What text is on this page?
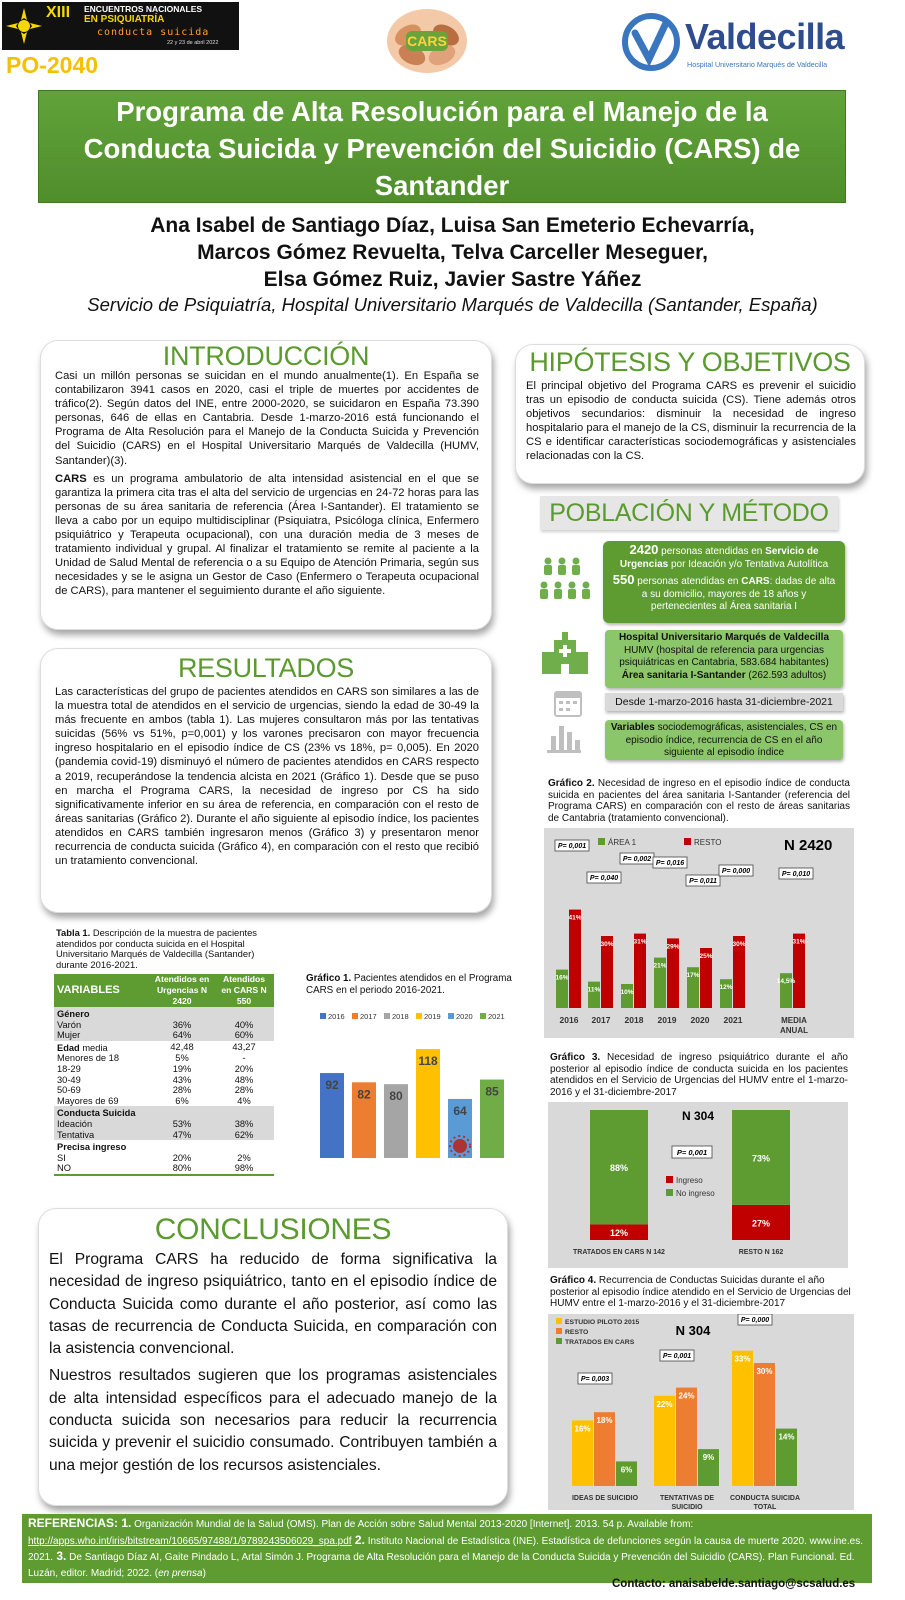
XIII ENCUENTROS NACIONALES
EN PSIQUIATRÍA
conducta suicida
22 y 23 de abril 2022
PO-2040
CARS	Valdecilla
Hospital Universitario Marqués de Valdecilla
Programa de Alta Resolución para el Manejo de la
Conducta Suicida y Prevención del Suicidio (CARS) de
Santander
Ana Isabel de Santiago Díaz, Luisa San Emeterio Echevarría,
Marcos Gómez Revuelta, Telva Carceller Meseguer,
Elsa Gómez Ruiz, Javier Sastre Yáñez
Servicio de Psiquiatría, Hospital Universitario Marqués de Valdecilla (Santander, España)
INTRODUCCIÓN

Casi un millón personas se suicidan en el mundo anualmente(1). En España se contabilizaron 3941 casos en 2020, casi el triple de muertes por accidentes de tráfico(2). Según datos del INE, entre 2000-2020, se suicidaron en España 73.390 personas, 646 de ellas en Cantabria. Desde 1-marzo-2016 está funcionando el Programa de Alta Resolución para el Manejo de la Conducta Suicida y Prevención del Suicidio (CARS) en el Hospital Universitario Marqués de Valdecilla (HUMV, Santander)(3).

CARS es un programa ambulatorio de alta intensidad asistencial en el que se garantiza la primera cita tras el alta del servicio de urgencias en 24-72 horas para las personas de su área sanitaria de referencia (Área I-Santander). El tratamiento se lleva a cabo por un equipo multidisciplinar (Psiquiatra, Psicóloga clínica, Enfermero psiquiátrico y Terapeuta ocupacional), con una duración media de 3 meses de tratamiento individual y grupal. Al finalizar el tratamiento se remite al paciente a la Unidad de Salud Mental de referencia o a su Equipo de Atención Primaria, según sus necesidades y se le asigna un Gestor de Caso (Enfermero o Terapeuta ocupacional de CARS), para mantener el seguimiento durante el año siguiente.

HIPÓTESIS Y OBJETIVOS
El principal objetivo del Programa CARS es prevenir el suicidio tras un episodio de conducta suicida (CS). Tiene además otros objetivos secundarios: disminuir la necesidad de ingreso hospitalario para el manejo de la CS, disminuir la recurrencia de la CS e identificar características sociodemográficas y asistenciales relacionadas con la CS.
POBLACIÓN Y MÉTODO
2420 personas atendidas en Servicio de Urgencias por Ideación y/o Tentativa Autolítica
550 personas atendidas en CARS: dadas de alta a su domicilio, mayores de 18 años y pertenecientes al Área sanitaria I
Hospital Universitario Marqués de Valdecilla
HUMV (hospital de referencia para urgencias psiquiátricas en Cantabria, 583.684 habitantes)
Área sanitaria I-Santander (262.593 adultos)
Desde 1-marzo-2016 hasta 31-diciembre-2021
Variables sociodemográficas, asistenciales, CS en episodio índice, recurrencia de CS en el año siguiente al episodio índice
RESULTADOS
Las características del grupo de pacientes atendidos en CARS son similares a las de la muestra total de atendidos en el servicio de urgencias, siendo la edad de 30-49 la más frecuente en ambos (tabla 1). Las mujeres consultaron más por las tentativas suicidas (56% vs 51%, p=0,001) y los varones precisaron con mayor frecuencia ingreso hospitalario en el episodio índice de CS (23% vs 18%, p= 0,005). En 2020 (pandemia covid-19) disminuyó el número de pacientes atendidos en CARS respecto a 2019, recuperándose la tendencia alcista en 2021 (Gráfico 1). Desde que se puso en marcha el Programa CARS, la necesidad de ingreso por CS ha sido significativamente inferior en su área de referencia, en comparación con el resto de áreas sanitarias (Gráfico 2). Durante el año siguiente al episodio índice, los pacientes atendidos en CARS también ingresaron menos (Gráfico 3) y presentaron menor recurrencia de conducta suicida (Gráfico 4), en comparación con el resto que recibió un tratamiento convencional.
Tabla 1. Descripción de la muestra de pacientes atendidos por conducta suicida en el Hospital Universitario Marqués de Valdecilla (Santander) durante 2016-2021.
VARIABLES	Atendidos en Urgencias N 2420	Atendidos en CARS N 550
Género		
Varón	36%	40%
Mujer	64%	60%
Edad media	42,48	43,27
Menores de 18	5%	-
18-29	19%	20%
30-49	43%	48%
50-69	28%	28%
Mayores de 69	6%	4%
Conducta Suicida		
Ideación	53%	38%
Tentativa	47%	62%
Precisa ingreso		
SI	20%	2%
NO	80%	98%
Gráfico 1. Pacientes atendidos en el Programa CARS en el periodo 2016-2021.
2016 2017 2018 2019 2020 2021
92
82 80
118
64
85
Gráfico 2. Necesidad de ingreso en el episodio índice de conducta suicida en pacientes del área sanitaria I-Santander (referencia del Programa CARS) en comparación con el resto de áreas sanitarias de Cantabria (tratamiento convencional).
ÁREA 1	RESTO	N 2420
16%
41%
P= 0,001
2016
11%
30%
P= 0,040
2017
10%
31%
P= 0,002
2018
21%
29%
P= 0,016
2019
17%
25%
P= 0,011
2020
12%
30%
P= 0,000
2021
14,5%
31%
P= 0,010
MEDIA
ANUAL
Gráfico 3. Necesidad de ingreso psiquiátrico durante el año posterior al episodio índice de conducta suicida en los pacientes atendidos en el Servicio de Urgencias del HUMV entre el 1-marzo-2016 y el 31-diciembre-2017
N 304
P= 0,001
Ingreso
No ingreso
88%
12%
TRATADOS EN CARS N 142
73%
27%
RESTO N 162
Gráfico 4. Recurrencia de Conductas Suicidas durante el año posterior al episodio índice atendido en el Servicio de Urgencias del HUMV entre el 1-marzo-2016 y el 31-diciembre-2017
ESTUDIO PILOTO 2015
RESTO
TRATADOS EN CARS
N 304
16%
18%
6%
P= 0,003
22%
24%
9%
P= 0,001	33%
30%
14%
P= 0,000
IDEAS DE SUICIDIO	TENTATIVAS DE
SUICIDIO
CONDUCTA SUICIDA
TOTAL
CONCLUSIONES

El Programa CARS ha reducido de forma significativa la necesidad de ingreso psiquiátrico, tanto en el episodio índice de Conducta Suicida como durante el año posterior, así como las tasas de recurrencia de Conducta Suicida, en comparación con la asistencia convencional.

Nuestros resultados sugieren que los programas asistenciales de alta intensidad específicos para el adecuado manejo de la conducta suicida son necesarios para reducir la recurrencia suicida y prevenir el suicidio consumado. Contribuyen también a una mejor gestión de los recursos asistenciales.

REFERENCIAS: 1. Organización Mundial de la Salud (OMS). Plan de Acción sobre Salud Mental 2013-2020 [Internet]. 2013. 54 p. Available from: http://apps.who.int/iris/bitstream/10665/97488/1/9789243506029_spa.pdf 2. Instituto Nacional de Estadística (INE). Estadística de defunciones según la causa de muerte 2020. www.ine.es. 2021. 3. De Santiago Díaz AI, Gaite Pindado L, Artal Simón J. Programa de Alta Resolución para el Manejo de la Conducta Suicida y Prevención del Suicidio (CARS). Plan Funcional. Ed. Luzán, editor. Madrid; 2022. (en prensa)
Contacto: anaisabelde.santiago@scsalud.es
